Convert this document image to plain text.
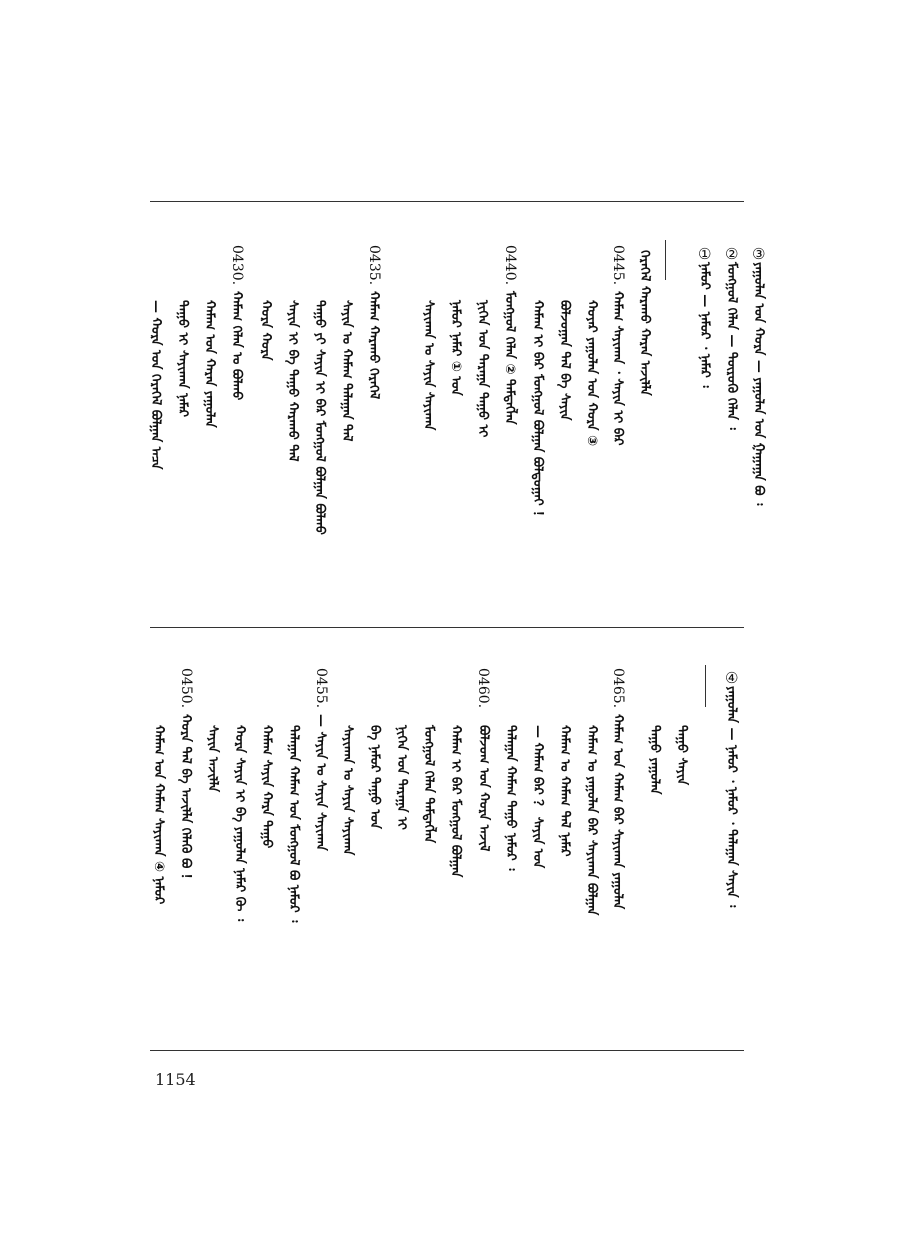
③
ᠶᠠᠭᠤᠯᠠᠨ ᠤᠨ ᠬᠤᠷᠠ — ᠶᠠᠭᠤᠯᠠᠨ ᠤᠨ ᠭᠠᠭᠠᠭᠠ ᠪᠣ ᠄
②
ᠮᠣᠩᠭᠣᠯ ᠬᠡᠯᠡᠨ — ᠲᠦᠷᠦᠬᠦ ᠬᠡᠯᠡᠨ ᠄
①
ᠨᠠᠮᠤᠷ — ᠨᠠᠮᠤᠷ ᠂ ᠨᠠᠮᠠᠷ ᠄
ᠭᠡᠷᠡᠭᠡᠯ ᠬᠠᠷᠠᠬᠤ ᠬᠠᠷᠠᠨ ᠠᠵᠢᠯᠯᠠ
0445.
ᠬᠠᠮᠠᠭ ᠰᠠᠶᠢᠬᠠᠨ ᠂ ᠰᠠᠶᠢᠨ ᠢ ᠪᠠᠷ
ᠬᠣᠶᠠᠷ ᠶᠠᠭᠤᠯᠠᠨ ᠤᠨ ᠬᠤᠷᠠ ③
ᠪᠣᠯᠵᠣᠭᠠᠨ ᠲᠠᠯ ᠪᠠ ᠰᠠᠶᠢᠨ
ᠬᠠᠮᠠᠭ ᠢ ᠪᠠᠷ ᠮᠣᠩᠭᠣᠯ ᠪᠣᠯᠭᠠᠨ ᠪᠣᠯᠲᠤᠭᠠᠢ ！
0440.
ᠮᠣᠩᠭᠣᠯ ᠬᠡᠯᠡᠨ ② ᠲᠡᠮᠳᠡᠭᠯᠡᠨ
ᠨᠢᠭᠡᠨ ᠤᠨ ᠳᠠᠷᠠᠭᠠ ᠳᠠᠭᠤ ᠢ
ᠨᠠᠮᠤᠷ ᠨᠠᠮᠠᠷ ① ᠤᠨ
ᠰᠠᠶᠢᠬᠠᠨ ᠤ ᠰᠠᠶᠢᠨ ᠰᠠᠶᠢᠬᠠᠨ
0435.
ᠬᠠᠮᠠᠭ ᠬᠠᠷᠠᠬᠤ ᠭᠡᠷᠡᠭᠡᠯ
ᠰᠠᠶᠢᠨ ᠤ ᠬᠠᠮᠠᠭ ᠲᠠᠯᠠᠭᠠᠨ ᠲᠠᠯ
ᠳᠠᠭᠤ ᠶᠢ ᠰᠠᠶᠢᠨ ᠢ ᠪᠠᠷ ᠮᠣᠩᠭᠣᠯ ᠪᠣᠯᠭᠠᠨ ᠪᠣᠯᠬᠤ
ᠰᠠᠶᠢᠨ ᠢ ᠪᠠ ᠳᠠᠭᠤ ᠬᠠᠷᠠᠬᠤ ᠲᠠᠯ
ᠬᠤᠷᠠ ᠬᠤᠷᠠ
0430.
ᠬᠠᠮᠠᠭ ᠬᠡᠯᠡᠨ ᠤ ᠪᠣᠯᠬᠤ
ᠬᠠᠮᠠᠭ ᠤᠨ ᠬᠠᠷᠠᠨ ᠶᠠᠭᠤᠯᠠᠨ
ᠳᠠᠭᠤ ᠢ ᠰᠠᠶᠢᠬᠠᠨ ᠨᠠᠮᠠᠷ
— ᠬᠤᠷᠠ ᠤᠨ ᠭᠡᠷᠡᠭᠡᠯ ᠪᠣᠯᠭᠠᠨ ᠠᠴᠠ
④
ᠶᠠᠭᠤᠯᠠᠨ — ᠨᠠᠮᠤᠷ ᠂ ᠨᠠᠮᠤᠷ ᠂ ᠲᠠᠯᠠᠭᠠᠨ ᠰᠠᠶᠢᠨ ᠄
ᠳᠠᠭᠤ ᠰᠠᠶᠢᠨ
ᠳᠠᠭᠤ ᠶᠠᠭᠤᠯᠠᠨ
0465.
ᠬᠠᠮᠠᠭ ᠤᠨ ᠬᠠᠮᠠᠭ ᠪᠠᠷ ᠰᠠᠶᠢᠬᠠᠨ ᠶᠠᠭᠤᠯᠠᠨ
ᠬᠠᠮᠠᠭ ᠤ ᠶᠠᠭᠤᠯᠠᠨ ᠪᠠᠷ ᠰᠠᠶᠢᠬᠠᠨ ᠪᠣᠯᠭᠠᠨ
ᠬᠠᠮᠠᠭ ᠤ ᠬᠠᠮᠠᠭ ᠲᠠᠯ ᠨᠠᠮᠠᠷ
— ᠬᠠᠮᠠᠭ ᠪᠠᠷ ？ ᠰᠠᠶᠢᠨ ᠤᠨ
ᠲᠠᠯᠠᠭᠠᠨ ᠬᠠᠮᠠᠭ ᠳᠠᠭᠤ ᠨᠠᠮᠤᠷ ᠄
ᠪᠣᠯᠵᠣᠭ ᠤᠨ ᠬᠤᠷᠠ ᠠᠵᠢᠯ
0460.
ᠬᠠᠮᠠᠭ ᠢ ᠪᠠᠷ ᠮᠣᠩᠭᠣᠯ ᠪᠣᠯᠭᠠᠨ
ᠮᠣᠩᠭᠣᠯ ᠬᠡᠯᠡᠨ ᠲᠡᠮᠳᠡᠭᠯᠡᠨ
ᠨᠢᠭᠡᠨ ᠤᠨ ᠳᠠᠷᠠᠭᠠ ᠢ
ᠪᠠ ᠨᠠᠮᠤᠷ ᠳᠠᠭᠤ ᠤᠨ
ᠰᠠᠶᠢᠬᠠᠨ ᠤ ᠰᠠᠶᠢᠨ ᠰᠠᠶᠢᠬᠠᠨ
0455.
— ᠰᠠᠶᠢᠨ ᠤ ᠰᠠᠶᠢᠨ ᠰᠠᠶᠢᠬᠠᠨ
ᠲᠠᠯᠠᠭᠠᠨ ᠬᠠᠮᠠᠭ ᠤᠨ ᠮᠣᠩᠭᠣᠯ ᠪᠣ ᠨᠠᠮᠤᠷ ᠄
ᠬᠠᠮᠠᠭ ᠰᠠᠶᠢᠨ ᠬᠠᠷᠠ ᠳᠠᠭᠤ
ᠬᠤᠷᠠ ᠰᠠᠶᠢᠨ ᠢ ᠪᠠ ᠶᠠᠭᠤᠯᠠᠨ ᠨᠠᠮᠠᠷ ᠬᠦ ᠄
ᠰᠠᠶᠢᠨ ᠠᠵᠢᠯᠯᠠ
0450.
ᠬᠤᠷᠠ ᠲᠠᠯ ᠪᠠ ᠠᠵᠢᠯᠯᠠ ᠬᠡᠯᠡᠬᠦ ᠪᠣ ！
ᠬᠠᠮᠠᠭ ᠤᠨ ᠬᠠᠮᠠᠭ ᠰᠠᠶᠢᠬᠠᠨ ④ ᠨᠠᠮᠤᠷ
1154
